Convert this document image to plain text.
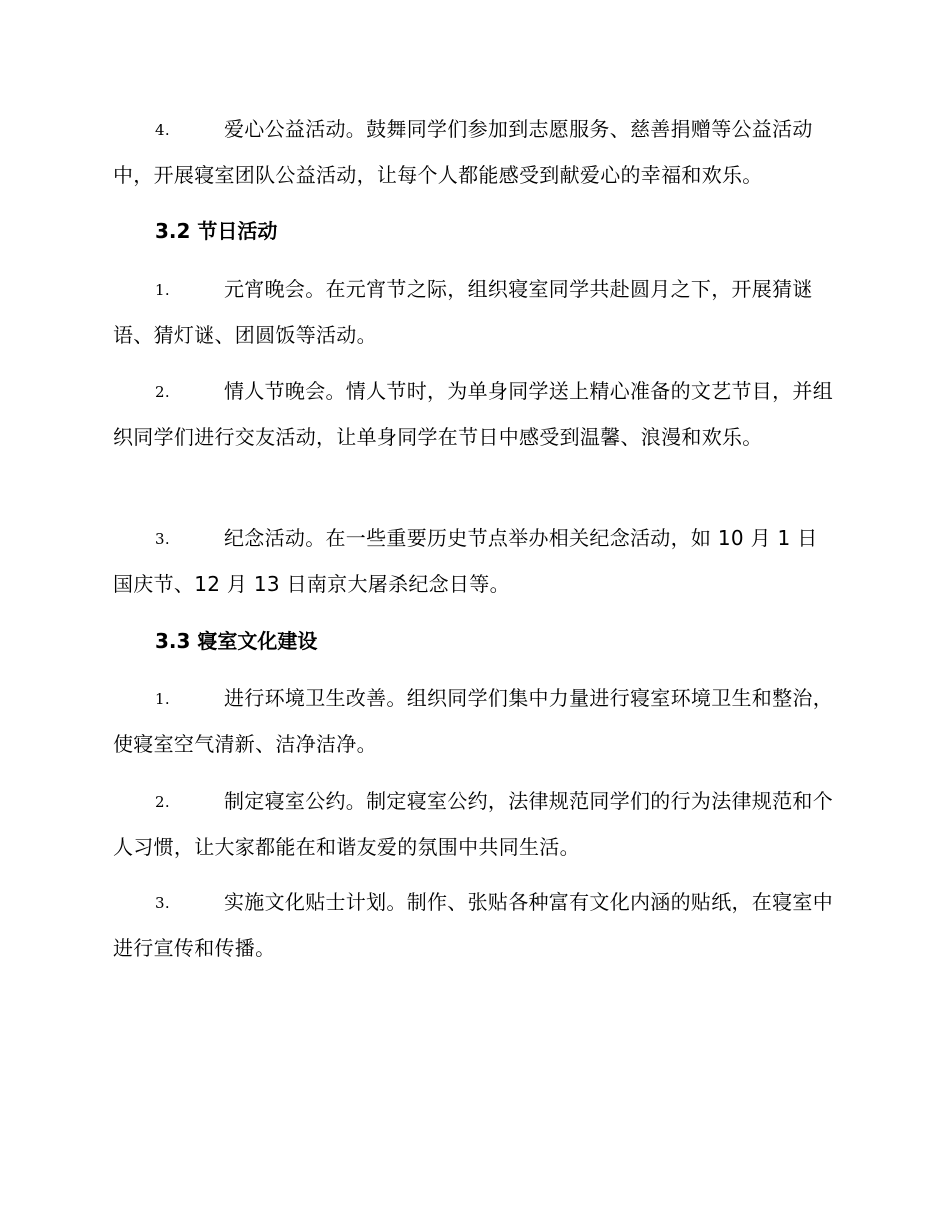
4.	爱心公益活动。鼓舞同学们参加到志愿服务、慈善捐赠等公益活动中，开展寝室团队公益活动，让每个人都能感受到献爱心的幸福和欢乐。

3.2 节日活动

1.	元宵晚会。在元宵节之际，组织寝室同学共赴圆月之下，开展猜谜语、猜灯谜、团圆饭等活动。

2.	情人节晚会。情人节时，为单身同学送上精心准备的文艺节目，并组织同学们进行交友活动，让单身同学在节日中感受到温馨、浪漫和欢乐。

3.	纪念活动。在一些重要历史节点举办相关纪念活动，如 10 月 1 日国庆节、12 月 13 日南京大屠杀纪念日等。

3.3 寝室文化建设

1.	进行环境卫生改善。组织同学们集中力量进行寝室环境卫生和整治，使寝室空气清新、洁净洁净。

2.	制定寝室公约。制定寝室公约，法律规范同学们的行为法律规范和个人习惯，让大家都能在和谐友爱的氛围中共同生活。

3.	实施文化贴士计划。制作、张贴各种富有文化内涵的贴纸，在寝室中进行宣传和传播。
